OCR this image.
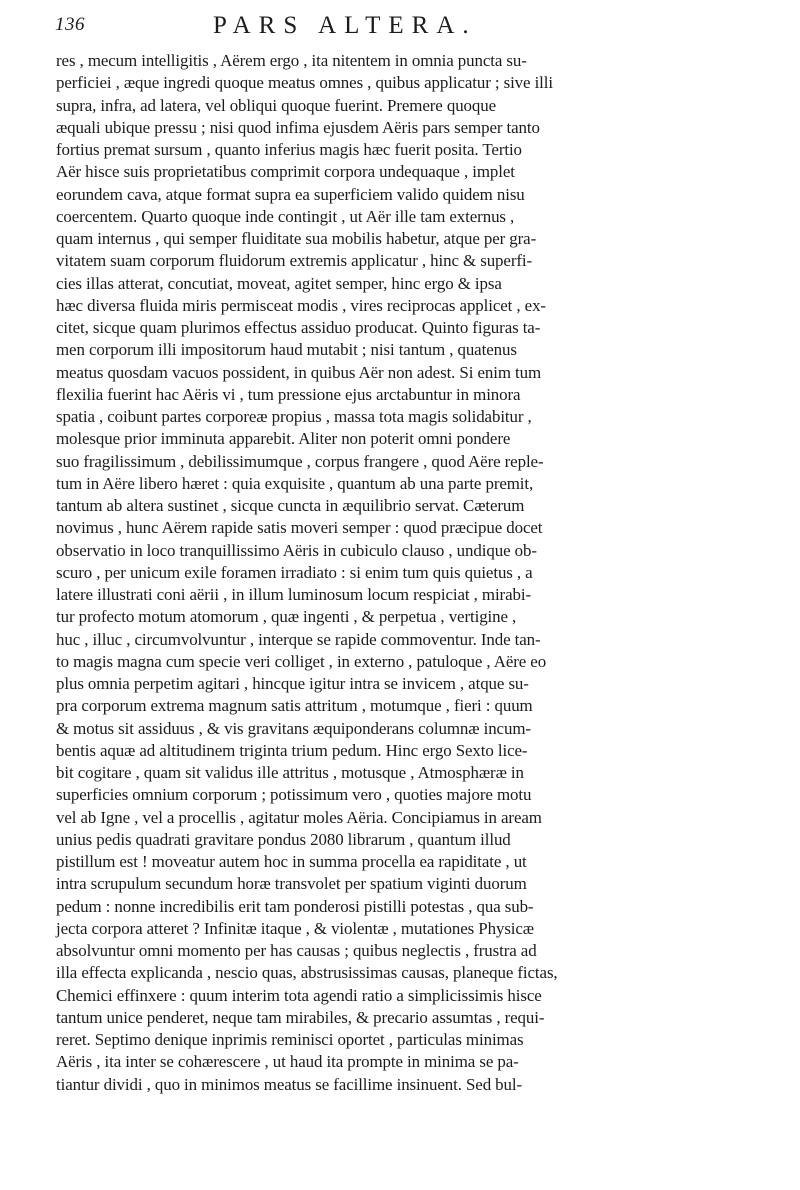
136	PARS ALTERA.
res , mecum intelligitis , Aërem ergo , ita nitentem in omnia puncta su-
perficiei , æque ingredi quoque meatus omnes , quibus applicatur ; sive illi
supra, infra, ad latera, vel obliqui quoque fuerint. Premere quoque
æquali ubique pressu ; nisi quod infima ejusdem Aëris pars semper tanto
fortius premat sursum , quanto inferius magis hæc fuerit posita. Tertio
Aër hisce suis proprietatibus comprimit corpora undequaque , implet
eorundem cava, atque format supra ea superficiem valido quidem nisu
coercentem. Quarto quoque inde contingit , ut Aër ille tam externus ,
quam internus , qui semper fluiditate sua mobilis habetur, atque per gra-
vitatem suam corporum fluidorum extremis applicatur , hinc & superfi-
cies illas atterat, concutiat, moveat, agitet semper, hinc ergo & ipsa
hæc diversa fluida miris permisceat modis , vires reciprocas applicet , ex-
citet, sicque quam plurimos effectus assiduo producat. Quinto figuras ta-
men corporum illi impositorum haud mutabit ; nisi tantum , quatenus
meatus quosdam vacuos possident, in quibus Aër non adest. Si enim tum
flexilia fuerint hac Aëris vi , tum pressione ejus arctabuntur in minora
spatia , coibunt partes corporeæ propius , massa tota magis solidabitur ,
molesque prior imminuta apparebit. Aliter non poterit omni pondere
suo fragilissimum , debilissimumque , corpus frangere , quod Aëre reple-
tum in Aëre libero hæret : quia exquisite , quantum ab una parte premit,
tantum ab altera sustinet , sicque cuncta in æquilibrio servat. Cæterum
novimus , hunc Aërem rapide satis moveri semper : quod præcipue docet
observatio in loco tranquillissimo Aëris in cubiculo clauso , undique ob-
scuro , per unicum exile foramen irradiato : si enim tum quis quietus , a
latere illustrati coni aërii , in illum luminosum locum respiciat , mirabi-
tur profecto motum atomorum , quæ ingenti , & perpetua , vertigine ,
huc , illuc , circumvolvuntur , interque se rapide commoventur. Inde tan-
to magis magna cum specie veri colliget , in externo , patuloque , Aëre eo
plus omnia perpetim agitari , hincque igitur intra se invicem , atque su-
pra corporum extrema magnum satis attritum , motumque , fieri : quum
& motus sit assiduus , & vis gravitans æquiponderans columnæ incum-
bentis aquæ ad altitudinem triginta trium pedum. Hinc ergo Sexto lice-
bit cogitare , quam sit validus ille attritus , motusque , Atmosphæræ in
superficies omnium corporum ; potissimum vero , quoties majore motu
vel ab Igne , vel a procellis , agitatur moles Aëria. Concipiamus in aream
unius pedis quadrati gravitare pondus 2080 librarum , quantum illud
pistillum est ! moveatur autem hoc in summa procella ea rapiditate , ut
intra scrupulum secundum horæ transvolet per spatium viginti duorum
pedum : nonne incredibilis erit tam ponderosi pistilli potestas , qua sub-
jecta corpora atteret ? Infinitæ itaque , & violentæ , mutationes Physicæ
absolvuntur omni momento per has causas ; quibus neglectis , frustra ad
illa effecta explicanda , nescio quas, abstrusissimas causas, planeque fictas,
Chemici effinxere : quum interim tota agendi ratio a simplicissimis hisce
tantum unice penderet, neque tam mirabiles, & precario assumtas , requi-
reret. Septimo denique inprimis reminisci oportet , particulas minimas
Aëris , ita inter se cohærescere , ut haud ita prompte in minima se pa-
tiantur dividi , quo in minimos meatus se facillime insinuent. Sed bul-
